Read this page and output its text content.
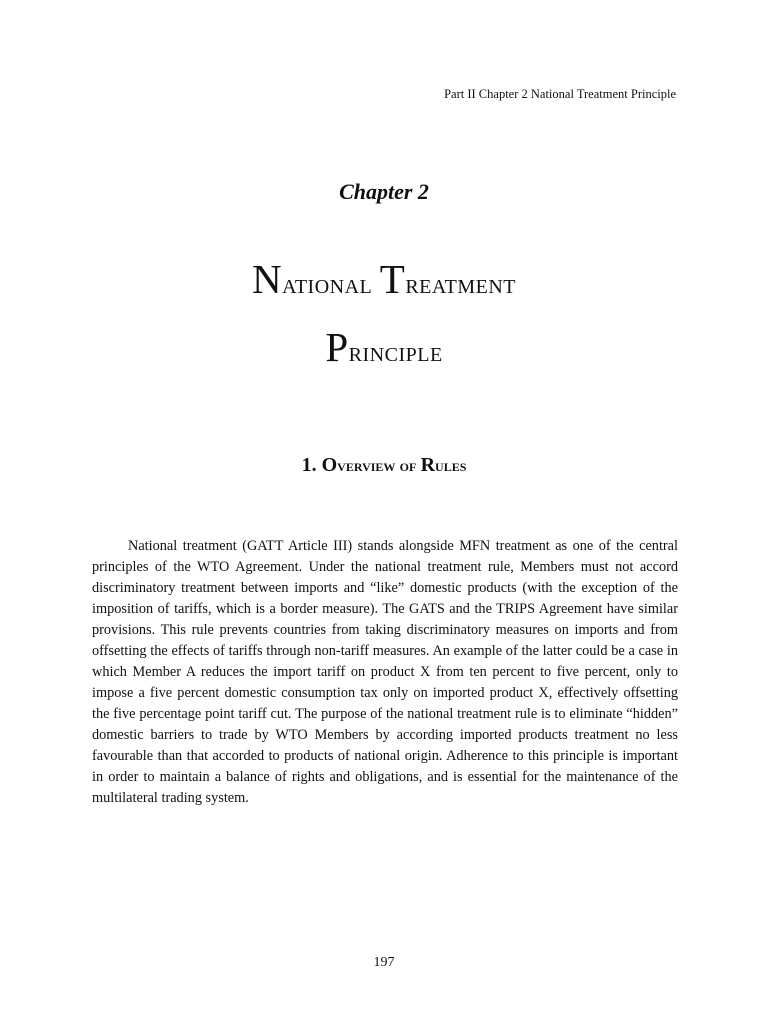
Part II Chapter 2 National Treatment Principle
Chapter 2
National Treatment
Principle
1. Overview of Rules

National treatment (GATT Article III) stands alongside MFN treatment as one of the central principles of the WTO Agreement. Under the national treatment rule, Members must not accord discriminatory treatment between imports and “like” domestic products (with the exception of the imposition of tariffs, which is a border measure). The GATS and the TRIPS Agreement have similar provisions. This rule prevents countries from taking discriminatory measures on imports and from offsetting the effects of tariffs through non-tariff measures. An example of the latter could be a case in which Member A reduces the import tariff on product X from ten percent to five percent, only to impose a five percent domestic consumption tax only on imported product X, effectively offsetting the five percentage point tariff cut. The purpose of the national treatment rule is to eliminate “hidden” domestic barriers to trade by WTO Members by according imported products treatment no less favourable than that accorded to products of national origin. Adherence to this principle is important in order to maintain a balance of rights and obligations, and is essential for the maintenance of the multilateral trading system.

197
